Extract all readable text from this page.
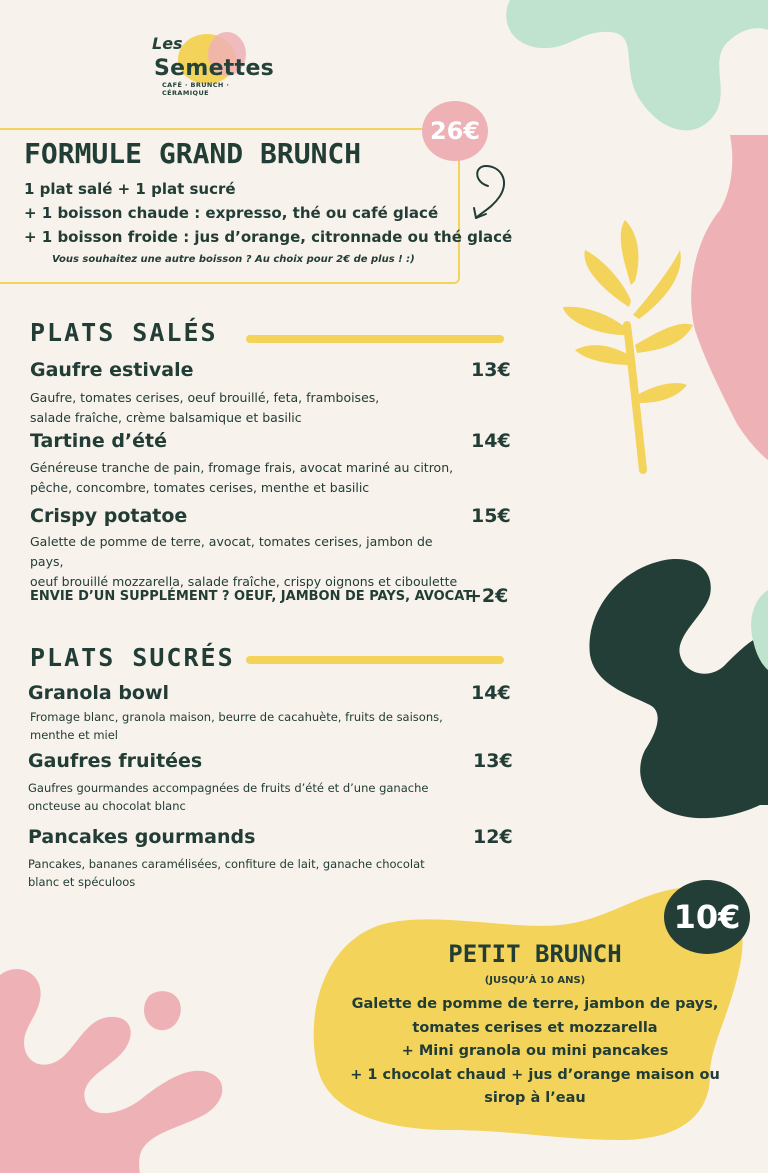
Les
Semettes
CAFÉ · BRUNCH · CÉRAMIQUE
26€
FORMULE GRAND BRUNCH
1 plat salé + 1 plat sucré
+ 1 boisson chaude : expresso, thé ou café glacé
+ 1 boisson froide : jus d’orange, citronnade ou thé glacé
Vous souhaitez une autre boisson ? Au choix pour 2€ de plus ! :)
PLATS SALÉS
Gaufre estivale	13€
Gaufre, tomates cerises, oeuf brouillé, feta, framboises,
salade fraîche, crème balsamique et basilic
Tartine d’été	14€
Généreuse tranche de pain, fromage frais, avocat mariné au citron,
pêche, concombre, tomates cerises, menthe et basilic
Crispy potatoe	15€
Galette de pomme de terre, avocat, tomates cerises, jambon de pays,
oeuf brouillé mozzarella, salade fraîche, crispy oignons et ciboulette
ENVIE D’UN SUPPLÉMENT ? OEUF, JAMBON DE PAYS, AVOCAT
+2€
PLATS SUCRÉS
Granola bowl	14€
Fromage blanc, granola maison, beurre de cacahuète, fruits de saisons,
menthe et miel
Gaufres fruitées	13€
Gaufres gourmandes accompagnées de fruits d’été et d’une ganache
oncteuse au chocolat blanc
Pancakes gourmands	12€
Pancakes, bananes caramélisées, confiture de lait, ganache chocolat
blanc et spéculoos
10€
PETIT BRUNCH
(JUSQU’À 10 ANS)
Galette de pomme de terre, jambon de pays,
tomates cerises et mozzarella
+ Mini granola ou mini pancakes
+ 1 chocolat chaud + jus d’orange maison ou
sirop à l’eau
